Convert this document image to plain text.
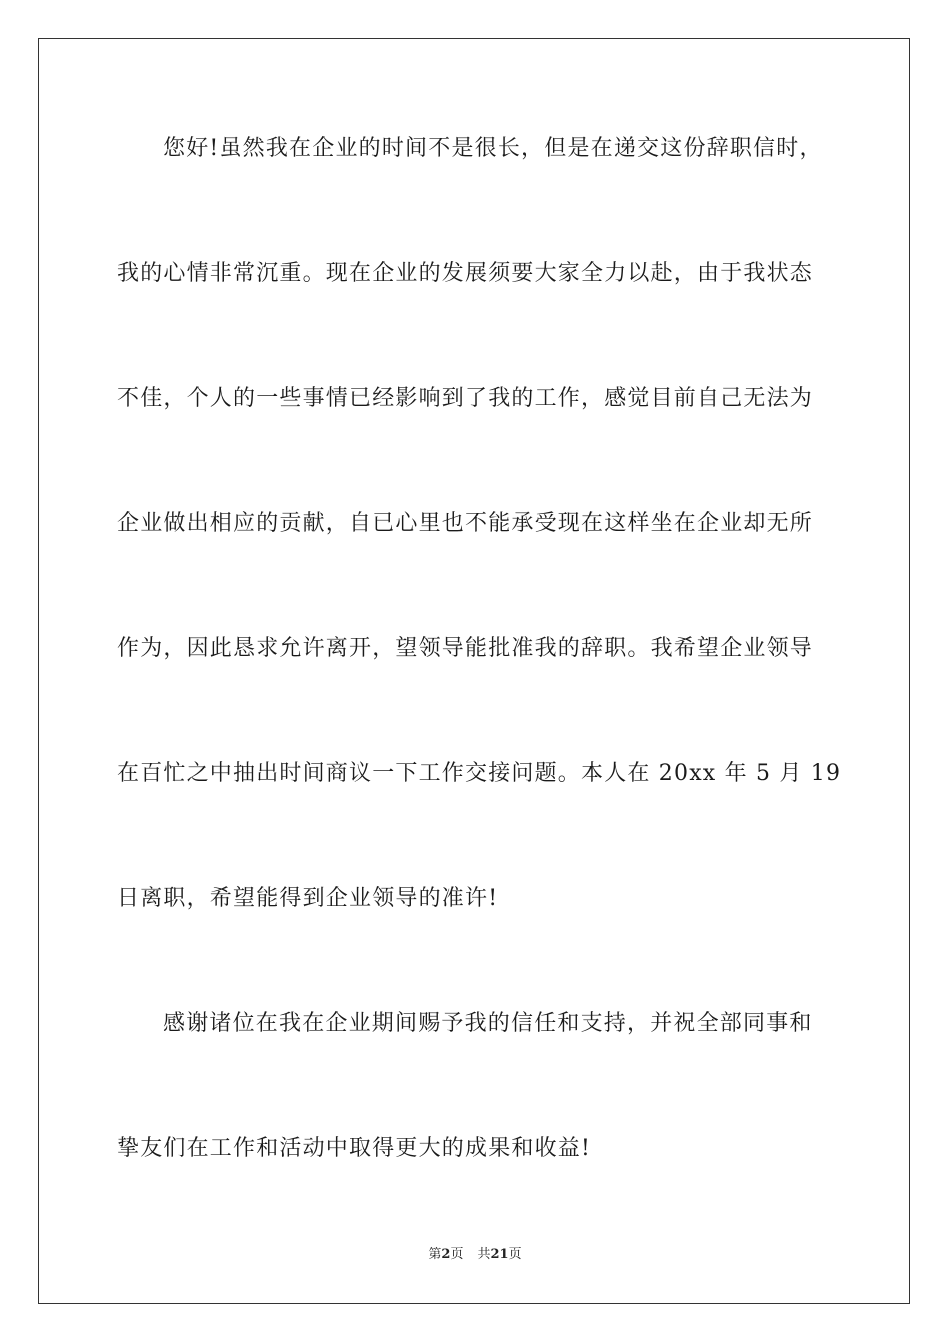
您好!虽然我在企业的时间不是很长，但是在递交这份辞职信时，
我的心情非常沉重。现在企业的发展须要大家全力以赴，由于我状态
不佳，个人的一些事情已经影响到了我的工作，感觉目前自己无法为
企业做出相应的贡献，自已心里也不能承受现在这样坐在企业却无所
作为，因此恳求允许离开，望领导能批准我的辞职。我希望企业领导
在百忙之中抽出时间商议一下工作交接问题。本人在 20xx 年 5 月 19
日离职，希望能得到企业领导的准许!
感谢诸位在我在企业期间赐予我的信任和支持，并祝全部同事和
挚友们在工作和活动中取得更大的成果和收益!
第2页 共21页
